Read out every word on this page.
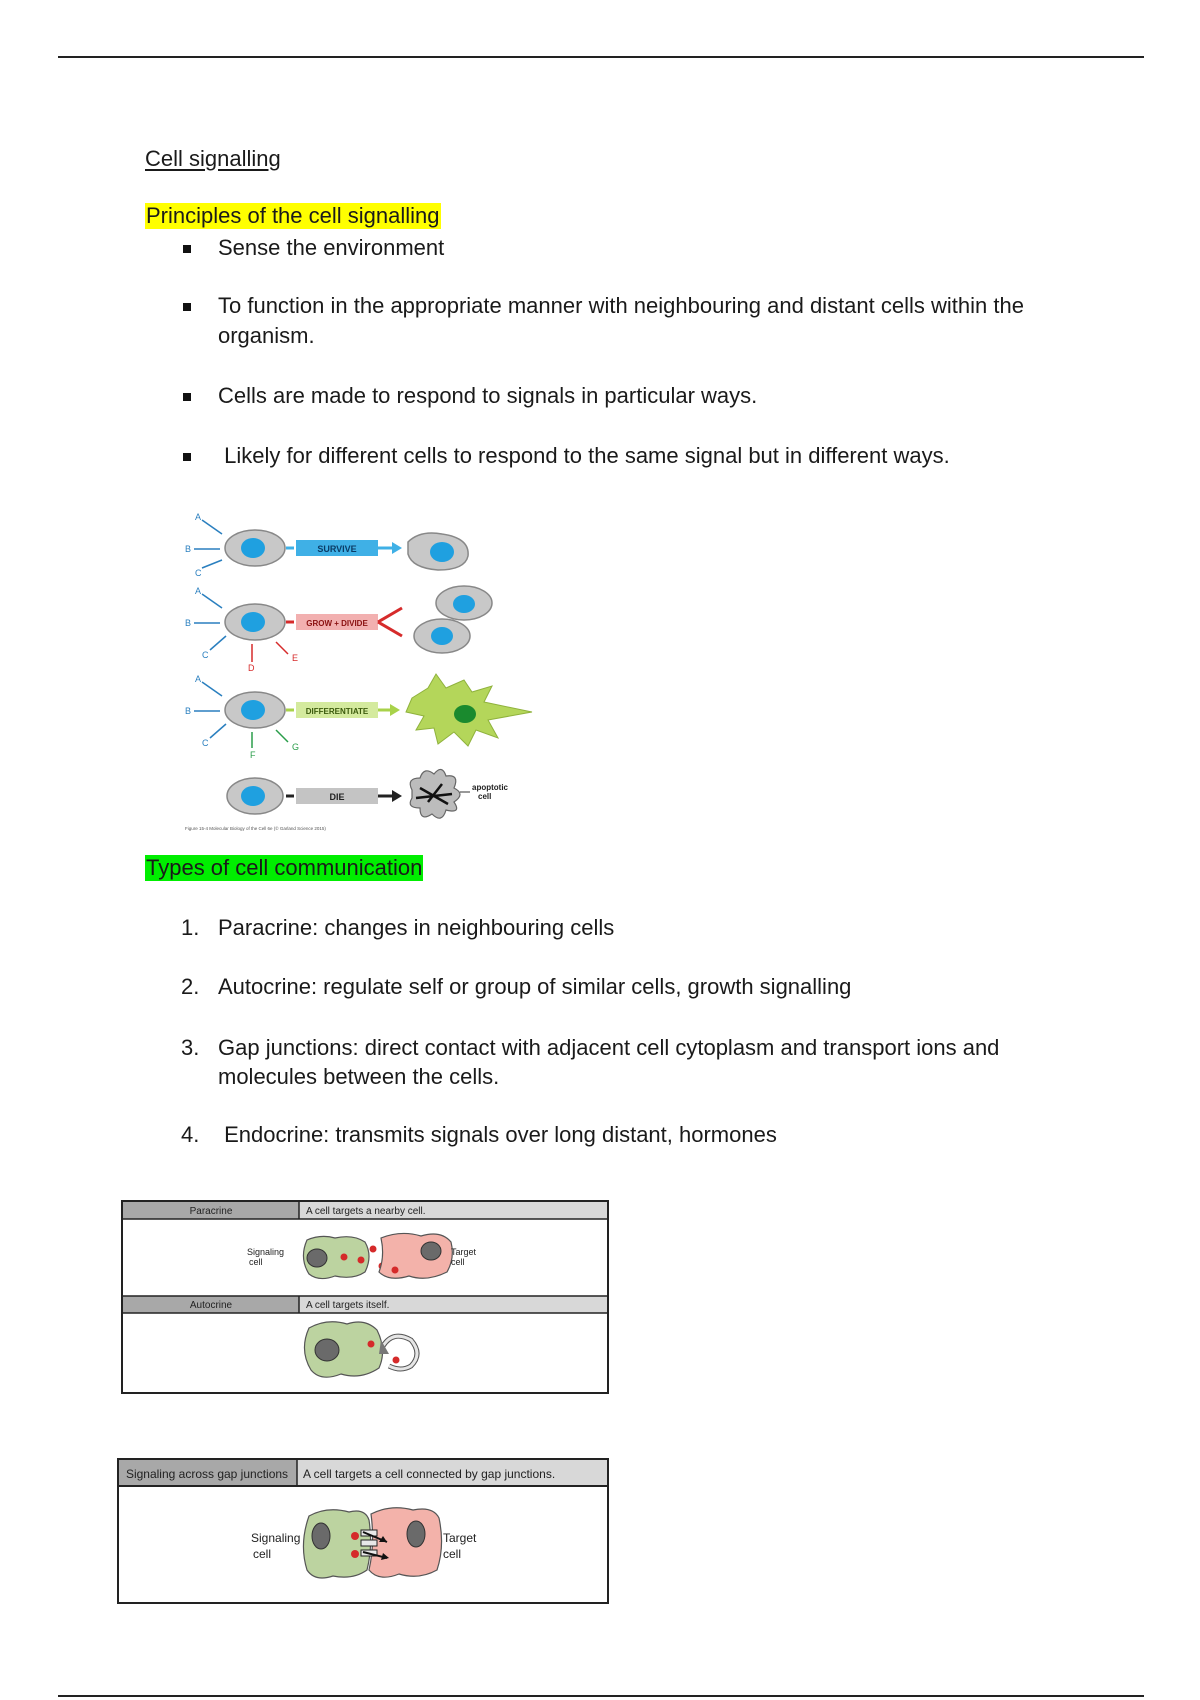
Cell signalling
Principles of the cell signalling
Sense the environment
To function in the appropriate manner with neighbouring and distant cells within the organism.
Cells are made to respond to signals in particular ways.
Likely for different cells to respond to the same signal but in different ways.
A
B
C
SURVIVE
A
B
C
D
E
GROW + DIVIDE
A
B
C
F
G
DIFFERENTIATE
DIE
apoptotic
cell
Figure 15-4 Molecular Biology of the Cell 6e (© Garland Science 2015)
Types of cell communication
1. Paracrine: changes in neighbouring cells
2. Autocrine: regulate self or group of similar cells, growth signalling
3. Gap junctions: direct contact with adjacent cell cytoplasm and transport ions and molecules between the cells.
4. Endocrine: transmits signals over long distant, hormones
Paracrine	A cell targets a nearby cell.
Signaling
cell
Target
cell
Autocrine	A cell targets itself.
Signaling across gap junctions A cell targets a cell connected by gap junctions.
Signaling
cell
Target
cell
